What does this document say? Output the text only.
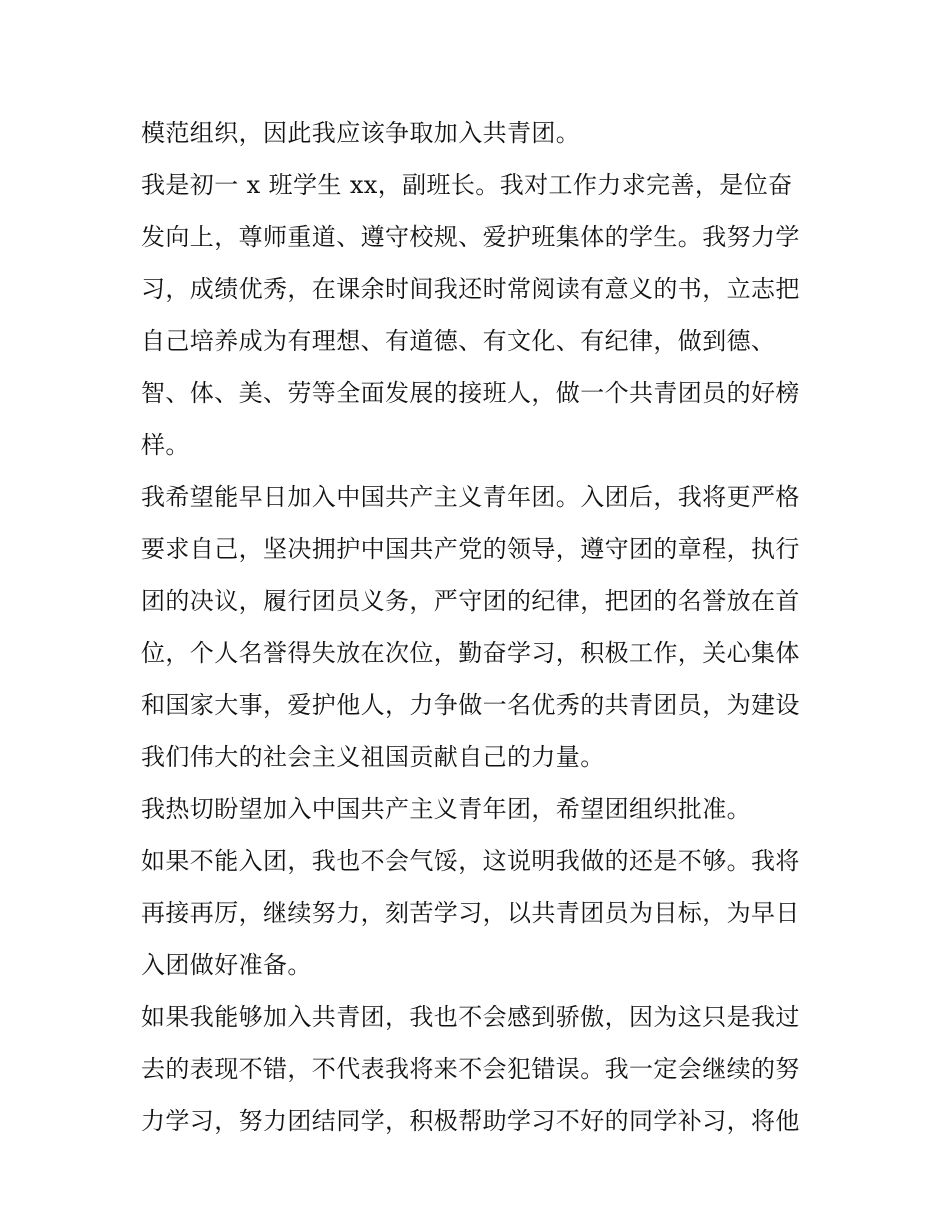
模范组织，因此我应该争取加入共青团。
我是初一 x 班学生 xx，副班长。我对工作力求完善，是位奋
发向上，尊师重道、遵守校规、爱护班集体的学生。我努力学
习，成绩优秀，在课余时间我还时常阅读有意义的书，立志把
自己培养成为有理想、有道德、有文化、有纪律，做到德、
智、体、美、劳等全面发展的接班人，做一个共青团员的好榜
样。
我希望能早日加入中国共产主义青年团。入团后，我将更严格
要求自己，坚决拥护中国共产党的领导，遵守团的章程，执行
团的决议，履行团员义务，严守团的纪律，把团的名誉放在首
位，个人名誉得失放在次位，勤奋学习，积极工作，关心集体
和国家大事，爱护他人，力争做一名优秀的共青团员，为建设
我们伟大的社会主义祖国贡献自己的力量。
我热切盼望加入中国共产主义青年团，希望团组织批准。
如果不能入团，我也不会气馁，这说明我做的还是不够。我将
再接再厉，继续努力，刻苦学习，以共青团员为目标，为早日
入团做好准备。
如果我能够加入共青团，我也不会感到骄傲，因为这只是我过
去的表现不错，不代表我将来不会犯错误。我一定会继续的努
力学习，努力团结同学，积极帮助学习不好的同学补习，将他
